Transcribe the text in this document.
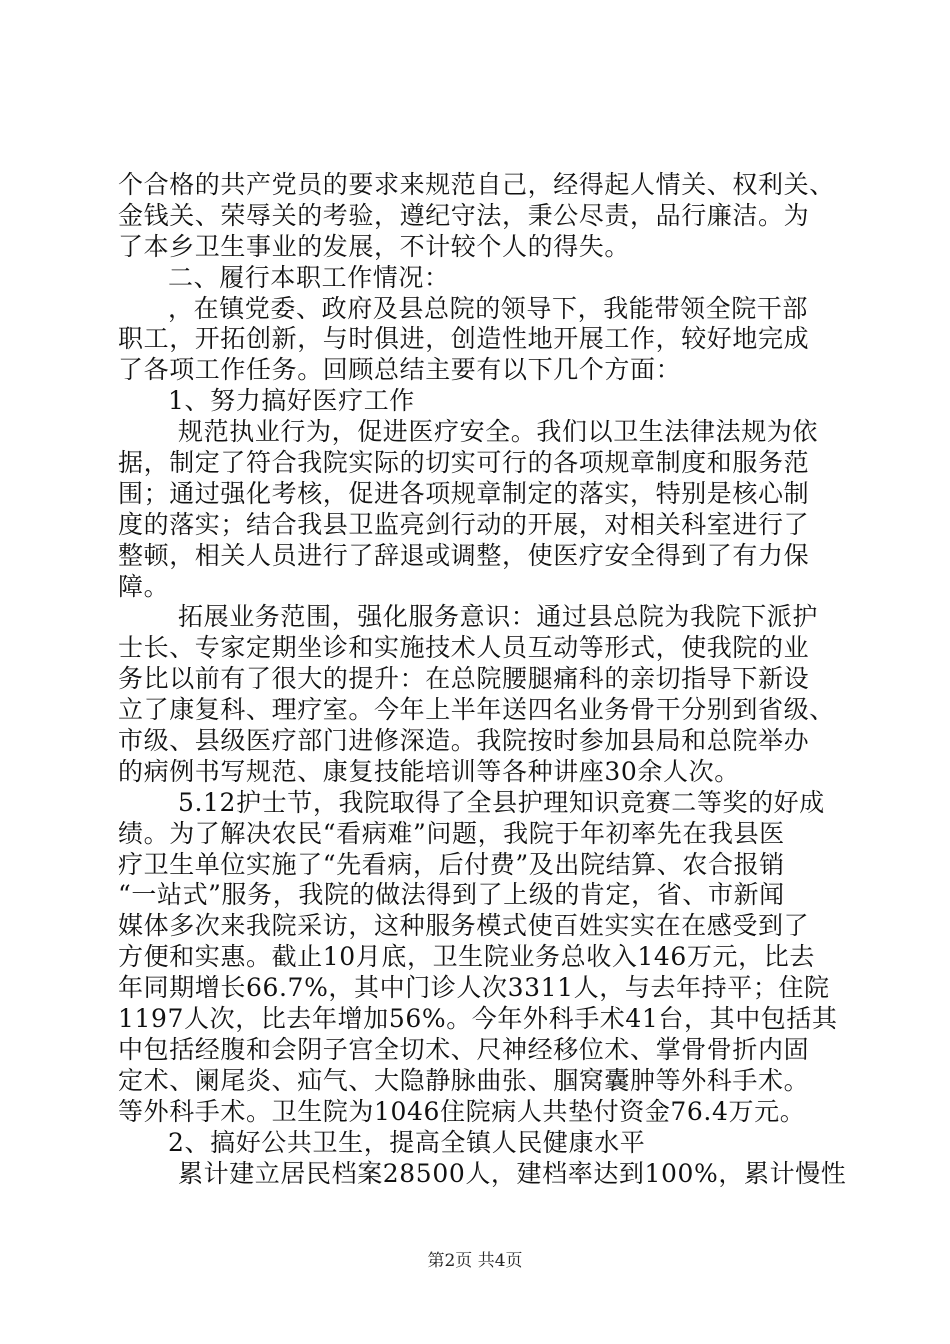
个合格的共产党员的要求来规范自己，经得起人情关、权利关、
金钱关、荣辱关的考验，遵纪守法，秉公尽责，品行廉洁。为
了本乡卫生事业的发展，不计较个人的得失。
二、履行本职工作情况：
，在镇党委、政府及县总院的领导下，我能带领全院干部
职工，开拓创新，与时俱进，创造性地开展工作，较好地完成
了各项工作任务。回顾总结主要有以下几个方面：
1、努力搞好医疗工作
规范执业行为，促进医疗安全。我们以卫生法律法规为依
据，制定了符合我院实际的切实可行的各项规章制度和服务范
围；通过强化考核，促进各项规章制定的落实，特别是核心制
度的落实；结合我县卫监亮剑行动的开展，对相关科室进行了
整顿，相关人员进行了辞退或调整，使医疗安全得到了有力保
障。
拓展业务范围，强化服务意识：通过县总院为我院下派护
士长、专家定期坐诊和实施技术人员互动等形式，使我院的业
务比以前有了很大的提升：在总院腰腿痛科的亲切指导下新设
立了康复科、理疗室。今年上半年送四名业务骨干分别到省级、
市级、县级医疗部门进修深造。我院按时参加县局和总院举办
的病例书写规范、康复技能培训等各种讲座30余人次。
5.12护士节，我院取得了全县护理知识竞赛二等奖的好成
绩。为了解决农民“看病难”问题，我院于年初率先在我县医
疗卫生单位实施了“先看病，后付费”及出院结算、农合报销
“一站式”服务，我院的做法得到了上级的肯定，省、市新闻
媒体多次来我院采访，这种服务模式使百姓实实在在感受到了
方便和实惠。截止10月底，卫生院业务总收入146万元，比去
年同期增长66.7%，其中门诊人次3311人，与去年持平；住院
1197人次，比去年增加56%。今年外科手术41台，其中包括其
中包括经腹和会阴子宫全切术、尺神经移位术、掌骨骨折内固
定术、阑尾炎、疝气、大隐静脉曲张、腘窝囊肿等外科手术。
等外科手术。卫生院为1046住院病人共垫付资金76.4万元。
2、搞好公共卫生，提高全镇人民健康水平
累计建立居民档案28500人，建档率达到100%，累计慢性
第2页 共4页
